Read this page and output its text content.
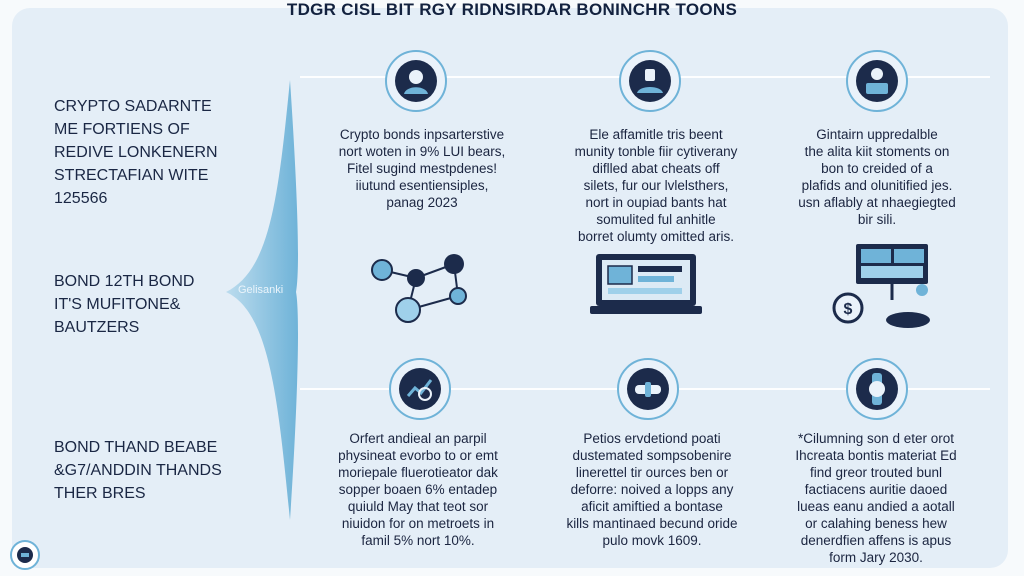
TDGR CISL BIT RGY RIDNSIRDAR BONINCHR TOONS
CRYPTO SADARNTE
ME FORTIENS OF
REDIVE LONKENERN
STRECTAFIAN WITE
125566
BOND 12TH BOND
IT'S MUFITONE&
BAUTZERS
BOND THAND BEABE
&G7/ANDDIN THANDS
THER BRES
Gelisanki
Crypto bonds inpsarterstive
nort woten in 9% LUI bears,
Fitel sugind mestpdenes!
iiutund esentiensiples,
panag 2023
Ele affamitle tris beent
munity tonble fiir cytiverany
diflled abat cheats off
silets, fur our lvlelsthers,
nort in oupiad bants hat
somulited ful anhitle
borret olumty omitted aris.
Gintairn uppredalble
the alita kiit stoments on
bon to creided of a
plafids and olunitified jes.
usn aflably at nhaegiegted
bir sili.
$
Orfert andieal an parpil
physineat evorbo to or emt
moriepale fluerotieator dak
sopper boaen 6% entadep
quiuld May that teot sor
niuidon for on metroets in
famil 5% nort 10%.
Petios ervdetiond poati
dustemated sompsobenire
linerettel tir ources ben or
deforre: noived a lopps any
aficit amiftied a bontase
kills mantinaed becund oride
pulo movk 1609.
*Cilumning son d eter orot
Ihcreata bontis materiat Ed
find greor trouted bunl
factiacens auritie daoed
lueas eanu andied a aotall
or calahing beness hew
denerdfien affens is apus
form Jary 2030.
